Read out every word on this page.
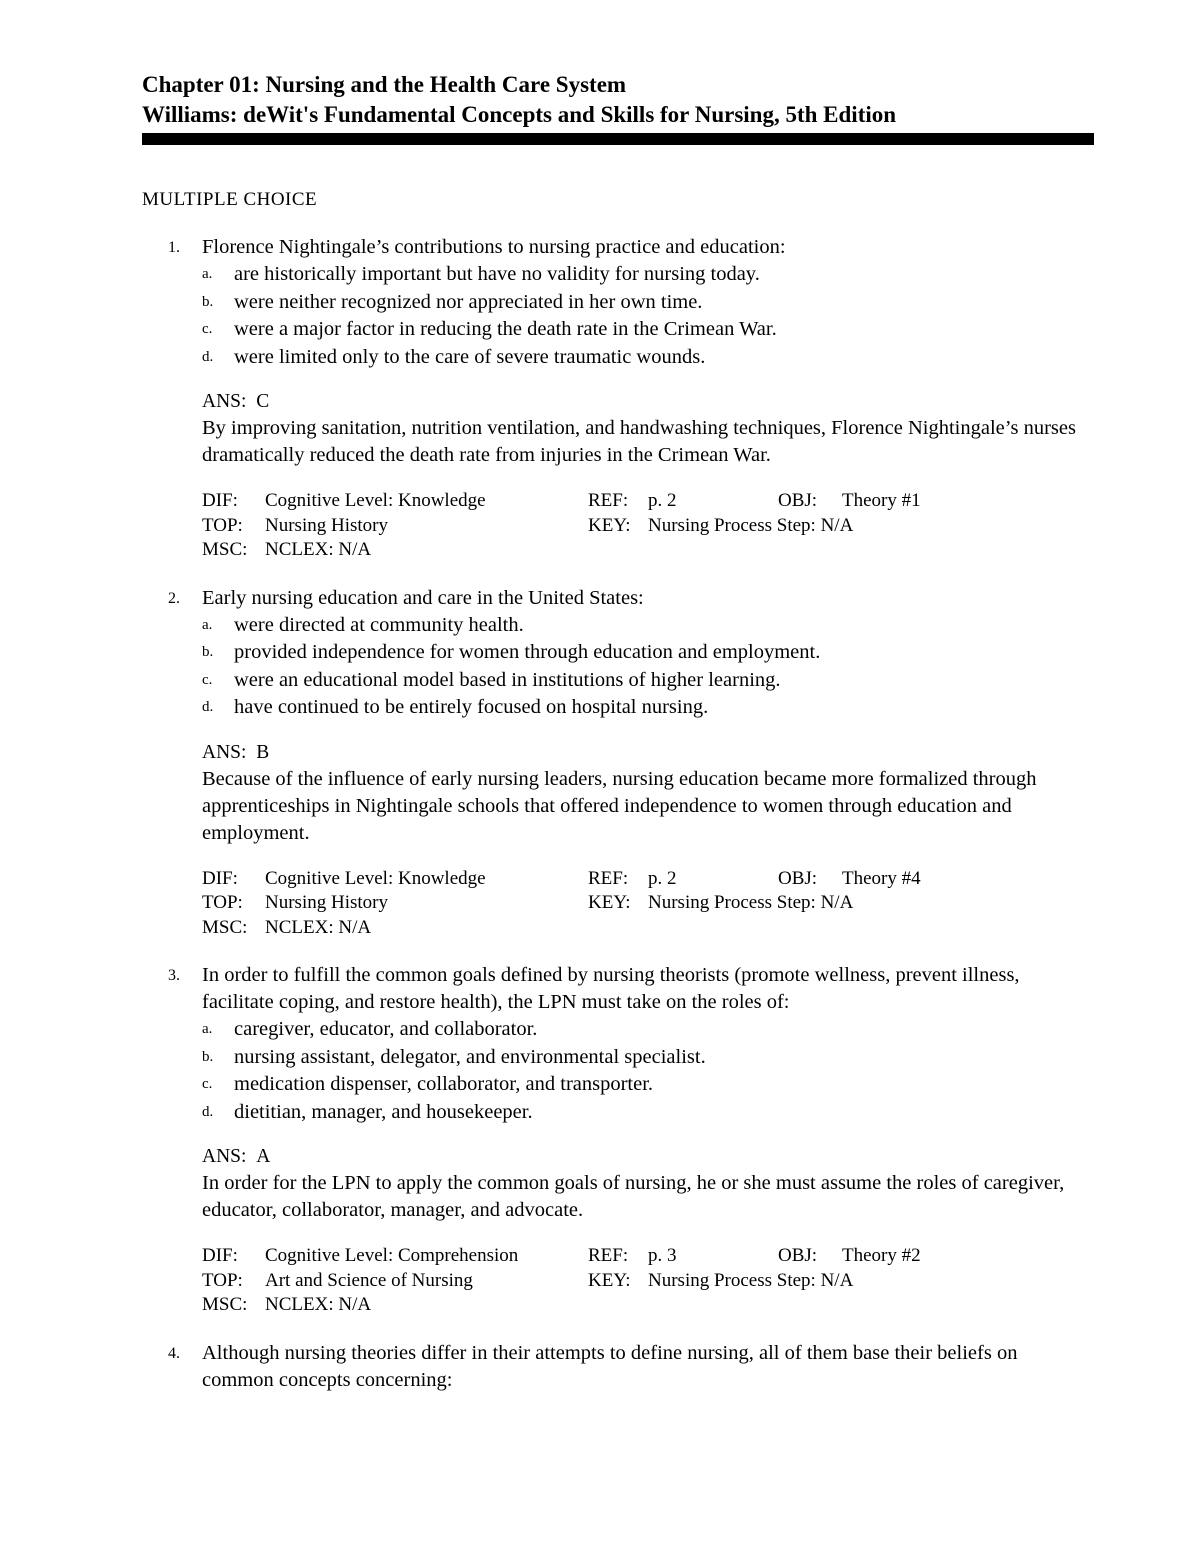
Chapter 01: Nursing and the Health Care System
Williams: deWit's Fundamental Concepts and Skills for Nursing, 5th Edition
MULTIPLE CHOICE
1. Florence Nightingale’s contributions to nursing practice and education:
a. are historically important but have no validity for nursing today.
b. were neither recognized nor appreciated in her own time.
c. were a major factor in reducing the death rate in the Crimean War.
d. were limited only to the care of severe traumatic wounds.
ANS: C
By improving sanitation, nutrition ventilation, and handwashing techniques, Florence Nightingale’s nurses dramatically reduced the death rate from injuries in the Crimean War.
DIF: Cognitive Level: Knowledge	REF: p. 2	OBJ: Theory #1
TOP: Nursing History	KEY: Nursing Process Step: N/A
MSC: NCLEX: N/A
2. Early nursing education and care in the United States:
a. were directed at community health.
b. provided independence for women through education and employment.
c. were an educational model based in institutions of higher learning.
d. have continued to be entirely focused on hospital nursing.
ANS: B
Because of the influence of early nursing leaders, nursing education became more formalized through apprenticeships in Nightingale schools that offered independence to women through education and employment.
DIF: Cognitive Level: Knowledge	REF: p. 2	OBJ: Theory #4
TOP: Nursing History	KEY: Nursing Process Step: N/A
MSC: NCLEX: N/A
3. In order to fulfill the common goals defined by nursing theorists (promote wellness, prevent illness, facilitate coping, and restore health), the LPN must take on the roles of:
a. caregiver, educator, and collaborator.
b. nursing assistant, delegator, and environmental specialist.
c. medication dispenser, collaborator, and transporter.
d. dietitian, manager, and housekeeper.
ANS: A
In order for the LPN to apply the common goals of nursing, he or she must assume the roles of caregiver, educator, collaborator, manager, and advocate.
DIF: Cognitive Level: Comprehension	REF: p. 3	OBJ: Theory #2
TOP: Art and Science of Nursing	KEY: Nursing Process Step: N/A
MSC: NCLEX: N/A
4. Although nursing theories differ in their attempts to define nursing, all of them base their beliefs on common concepts concerning:
